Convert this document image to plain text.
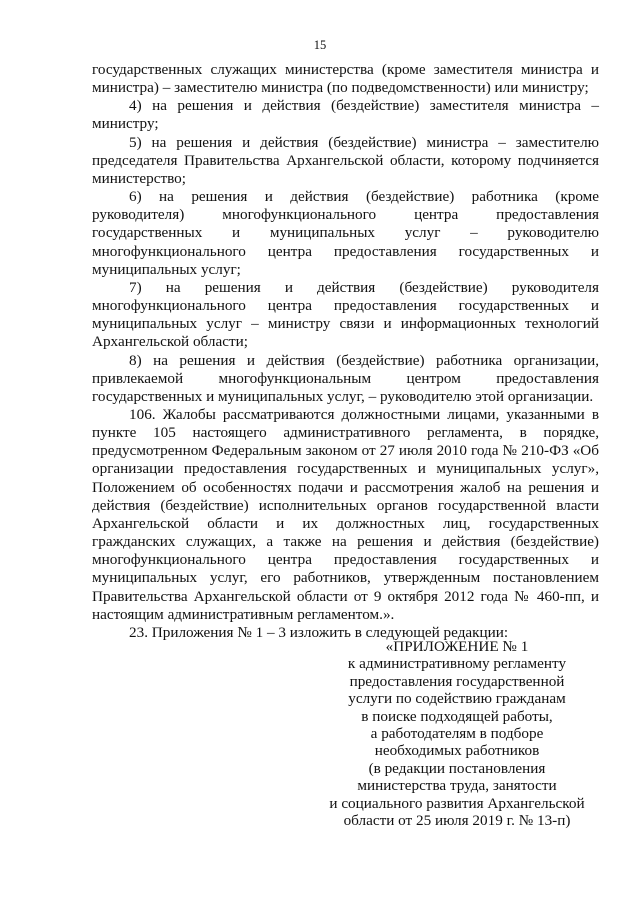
15

государственных служащих министерства (кроме заместителя министра и министра) – заместителю министра (по подведомственности) или министру;

4) на решения и действия (бездействие) заместителя министра – министру;

5) на решения и действия (бездействие) министра – заместителю председателя Правительства Архангельской области, которому подчиняется министерство;

6) на решения и действия (бездействие) работника (кроме руководителя) многофункционального центра предоставления государственных и муниципальных услуг – руководителю многофункционального центра предоставления государственных и муниципальных услуг;

7) на решения и действия (бездействие) руководителя многофункционального центра предоставления государственных и муниципальных услуг – министру связи и информационных технологий Архангельской области;

8) на решения и действия (бездействие) работника организации, привлекаемой многофункциональным центром предоставления государственных и муниципальных услуг, – руководителю этой организации.

106. Жалобы рассматриваются должностными лицами, указанными в пункте 105 настоящего административного регламента, в порядке, предусмотренном Федеральным законом от 27 июля 2010 года № 210-ФЗ «Об организации предоставления государственных и муниципальных услуг», Положением об особенностях подачи и рассмотрения жалоб на решения и действия (бездействие) исполнительных органов государственной власти Архангельской области и их должностных лиц, государственных гражданских служащих, а также на решения и действия (бездействие) многофункционального центра предоставления государственных и муниципальных услуг, его работников, утвержденным постановлением Правительства Архангельской области от 9 октября 2012 года № 460-пп, и настоящим административным регламентом.».

23. Приложения № 1 – 3 изложить в следующей редакции:

«ПРИЛОЖЕНИЕ № 1
к административному регламенту
предоставления государственной
услуги по содействию гражданам
в поиске подходящей работы,
а работодателям в подборе
необходимых работников
(в редакции постановления
министерства труда, занятости
и социального развития Архангельской
области от 25 июля 2019 г. № 13-п)
